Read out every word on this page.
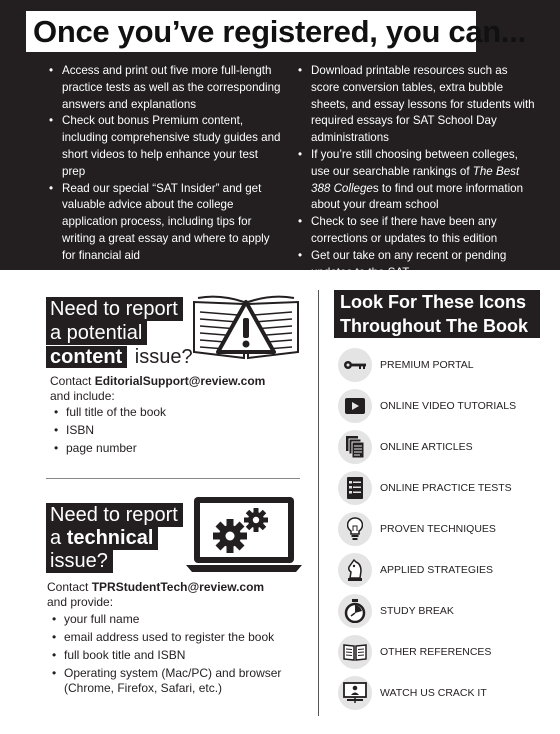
Once you’ve registered, you can...
• Access and print out five more full-length practice tests as well as the corresponding answers and explanations
• Check out bonus Premium content, including comprehensive study guides and short videos to help enhance your test prep
• Read our special “SAT Insider” and get valuable advice about the college application process, including tips for writing a great essay and where to apply for financial aid
• Download printable resources such as score conversion tables, extra bubble sheets, and essay lessons for students with required essays for SAT School Day administrations
• If you’re still choosing between colleges, use our searchable rankings of The Best 388 Colleges to find out more information about your dream school
• Check to see if there have been any corrections or updates to this edition
• Get our take on any recent or pending updates to the SAT
Need to report
a potential
content issue?
Contact EditorialSupport@review.com
and include:
• full title of the book
• ISBN
• page number
Need to report
a technical
issue?
Contact TPRStudentTech@review.com
and provide:
• your full name
• email address used to register the book
• full book title and ISBN
• Operating system (Mac/PC) and browser (Chrome, Firefox, Safari, etc.)
Look For These Icons
Throughout The Book
PREMIUM PORTAL
ONLINE VIDEO TUTORIALS
ONLINE ARTICLES
ONLINE PRACTICE TESTS
PROVEN TECHNIQUES
APPLIED STRATEGIES
STUDY BREAK
OTHER REFERENCES
WATCH US CRACK IT
